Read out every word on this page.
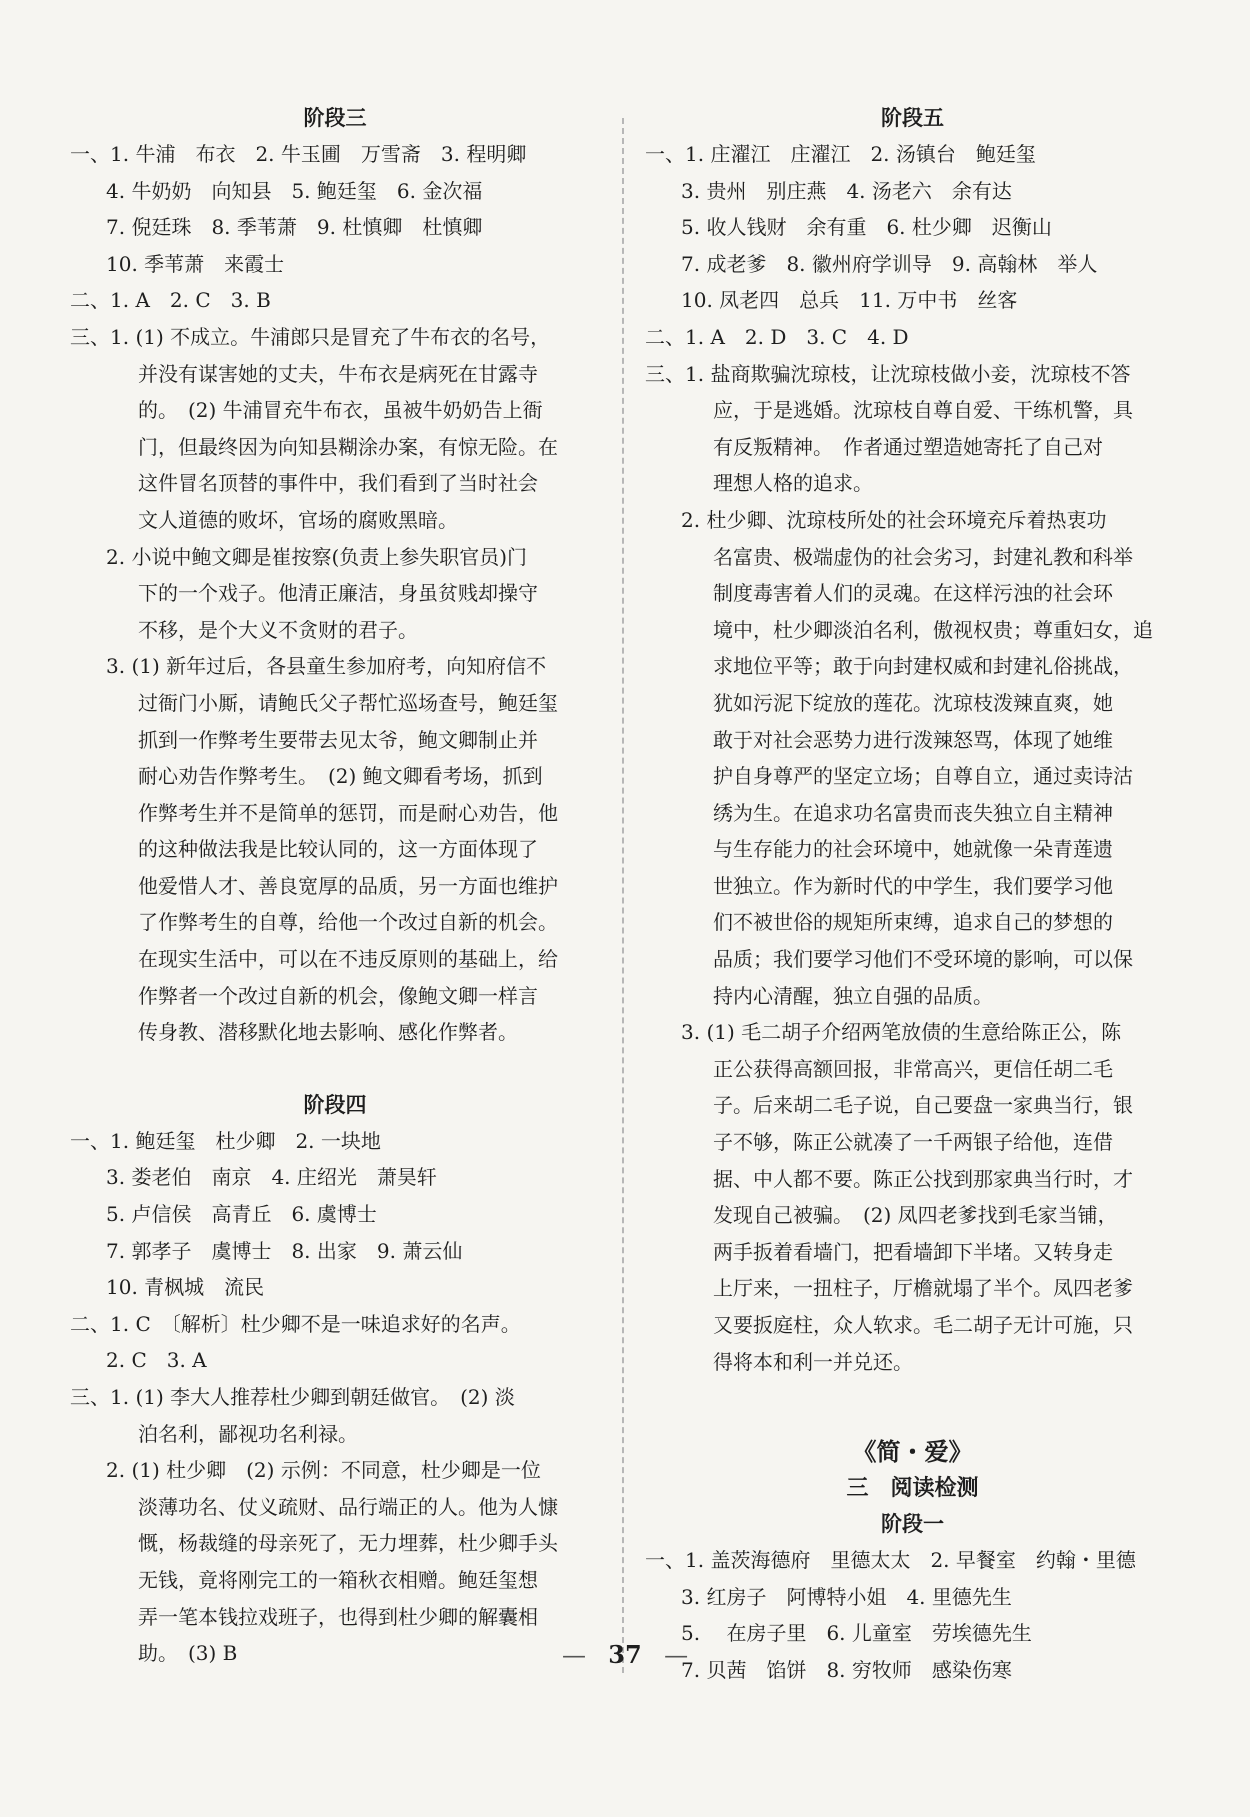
阶段三
一、1. 牛浦　布衣　2. 牛玉圃　万雪斋　3. 程明卿
4. 牛奶奶　向知县　5. 鲍廷玺　6. 金次福
7. 倪廷珠　8. 季苇萧　9. 杜慎卿　杜慎卿
10. 季苇萧　来霞士
二、1. A　2. C　3. B
三、1. (1) 不成立。牛浦郎只是冒充了牛布衣的名号，
并没有谋害她的丈夫，牛布衣是病死在甘露寺
的。　(2) 牛浦冒充牛布衣，虽被牛奶奶告上衙
门，但最终因为向知县糊涂办案，有惊无险。在
这件冒名顶替的事件中，我们看到了当时社会
文人道德的败坏，官场的腐败黑暗。
2. 小说中鲍文卿是崔按察(负责上参失职官员)门
下的一个戏子。他清正廉洁，身虽贫贱却操守
不移，是个大义不贪财的君子。
3. (1) 新年过后，各县童生参加府考，向知府信不
过衙门小厮，请鲍氏父子帮忙巡场查号，鲍廷玺
抓到一作弊考生要带去见太爷，鲍文卿制止并
耐心劝告作弊考生。　(2) 鲍文卿看考场，抓到
作弊考生并不是简单的惩罚，而是耐心劝告，他
的这种做法我是比较认同的，这一方面体现了
他爱惜人才、善良宽厚的品质，另一方面也维护
了作弊考生的自尊，给他一个改过自新的机会。
在现实生活中，可以在不违反原则的基础上，给
作弊者一个改过自新的机会，像鲍文卿一样言
传身教、潜移默化地去影响、感化作弊者。
阶段四
一、1. 鲍廷玺　杜少卿　2. 一块地
3. 娄老伯　南京　4. 庄绍光　萧昊轩
5. 卢信侯　高青丘　6. 虞博士
7. 郭孝子　虞博士　8. 出家　9. 萧云仙
10. 青枫城　流民
二、1. C　〔解析〕杜少卿不是一味追求好的名声。
2. C　3. A
三、1. (1) 李大人推荐杜少卿到朝廷做官。　(2) 淡
泊名利，鄙视功名利禄。
2. (1) 杜少卿　(2) 示例：不同意，杜少卿是一位
淡薄功名、仗义疏财、品行端正的人。他为人慷
慨，杨裁缝的母亲死了，无力埋葬，杜少卿手头
无钱，竟将刚完工的一箱秋衣相赠。鲍廷玺想
弄一笔本钱拉戏班子，也得到杜少卿的解囊相
助。　(3) B
阶段五
一、1. 庄濯江　庄濯江　2. 汤镇台　鲍廷玺
3. 贵州　别庄燕　4. 汤老六　余有达
5. 收人钱财　余有重　6. 杜少卿　迟衡山
7. 成老爹　8. 徽州府学训导　9. 高翰林　举人
10. 凤老四　总兵　11. 万中书　丝客
二、1. A　2. D　3. C　4. D
三、1. 盐商欺骗沈琼枝，让沈琼枝做小妾，沈琼枝不答
应，于是逃婚。沈琼枝自尊自爱、干练机警，具
有反叛精神。　作者通过塑造她寄托了自己对
理想人格的追求。
2. 杜少卿、沈琼枝所处的社会环境充斥着热衷功
名富贵、极端虚伪的社会劣习，封建礼教和科举
制度毒害着人们的灵魂。在这样污浊的社会环
境中，杜少卿淡泊名利，傲视权贵；尊重妇女，追
求地位平等；敢于向封建权威和封建礼俗挑战，
犹如污泥下绽放的莲花。沈琼枝泼辣直爽，她
敢于对社会恶势力进行泼辣怒骂，体现了她维
护自身尊严的坚定立场；自尊自立，通过卖诗沽
绣为生。在追求功名富贵而丧失独立自主精神
与生存能力的社会环境中，她就像一朵青莲遗
世独立。作为新时代的中学生，我们要学习他
们不被世俗的规矩所束缚，追求自己的梦想的
品质；我们要学习他们不受环境的影响，可以保
持内心清醒，独立自强的品质。
3. (1) 毛二胡子介绍两笔放债的生意给陈正公，陈
正公获得高额回报，非常高兴，更信任胡二毛
子。后来胡二毛子说，自己要盘一家典当行，银
子不够，陈正公就凑了一千两银子给他，连借
据、中人都不要。陈正公找到那家典当行时，才
发现自己被骗。　(2) 凤四老爹找到毛家当铺，
两手扳着看墙门，把看墙卸下半堵。又转身走
上厅来，一扭柱子，厅檐就塌了半个。凤四老爹
又要扳庭柱，众人软求。毛二胡子无计可施，只
得将本和利一并兑还。
《简・爱》
三　阅读检测
阶段一
一、1. 盖茨海德府　里德太太　2. 早餐室　约翰・里德
3. 红房子　阿博特小姐　4. 里德先生
5. 　在房子里　6. 儿童室　劳埃德先生
7. 贝茜　馅饼　8. 穷牧师　感染伤寒
— 37 —
